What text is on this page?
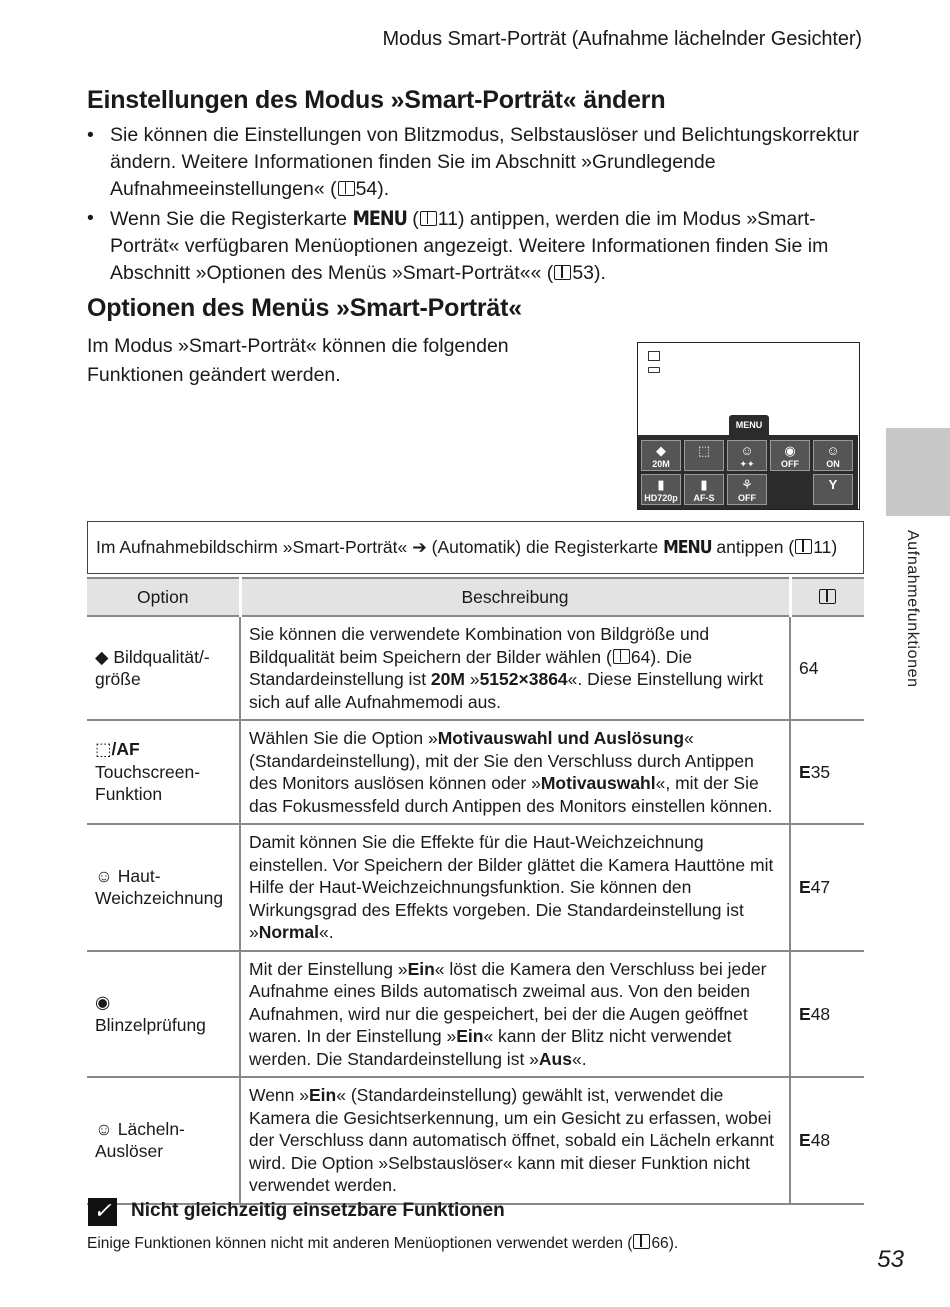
Modus Smart-Porträt (Aufnahme lächelnder Gesichter)
Einstellungen des Modus »Smart-Porträt« ändern
• Sie können die Einstellungen von Blitzmodus, Selbstauslöser und Belichtungskorrektur ändern. Weitere Informationen finden Sie im Abschnitt »Grundlegende Aufnahmeeinstellungen« ( 54).
• Wenn Sie die Registerkarte MENU ( 11) antippen, werden die im Modus »Smart-Porträt« verfügbaren Menüoptionen angezeigt. Weitere Informationen finden Sie im Abschnitt »Optionen des Menüs »Smart-Porträt«« ( 53).
Optionen des Menüs »Smart-Porträt«
Im Modus »Smart-Porträt« können die folgenden Funktionen geändert werden.
MENU
◆
20M
⬚	☺
✦✦
◉
OFF
☺
ON
▮
HD720p
▮
AF-S
⚘
OFF
Y
Aufnahmefunktionen
Im Aufnahmebildschirm »Smart-Porträt« ➔ (Automatik) die Registerkarte MENU antippen ( 11)
Option	Beschreibung	
◆ Bildqualität/-größe	Sie können die verwendete Kombination von Bildgröße und Bildqualität beim Speichern der Bilder wählen ( 64). Die Standardeinstellung ist 20M »5152×3864«. Diese Einstellung wirkt sich auf alle Aufnahmemodi aus.	64
⬚/AF
Touchscreen-Funktion	Wählen Sie die Option »Motivauswahl und Auslösung« (Standardeinstellung), mit der Sie den Verschluss durch Antippen des Monitors auslösen können oder »Motivauswahl«, mit der Sie das Fokusmessfeld durch Antippen des Monitors einstellen können.	E35
☺ Haut-Weichzeichnung	Damit können Sie die Effekte für die Haut-Weichzeichnung einstellen. Vor Speichern der Bilder glättet die Kamera Hauttöne mit Hilfe der Haut-Weichzeichnungsfunktion. Sie können den Wirkungsgrad des Effekts vorgeben. Die Standardeinstellung ist »Normal«.	E47
◉
Blinzelprüfung	Mit der Einstellung »Ein« löst die Kamera den Verschluss bei jeder Aufnahme eines Bilds automatisch zweimal aus. Von den beiden Aufnahmen, wird nur die gespeichert, bei der die Augen geöffnet waren. In der Einstellung »Ein« kann der Blitz nicht verwendet werden. Die Standardeinstellung ist »Aus«.	E48
☺ Lächeln-Auslöser	Wenn »Ein« (Standardeinstellung) gewählt ist, verwendet die Kamera die Gesichtserkennung, um ein Gesicht zu erfassen, wobei der Verschluss dann automatisch öffnet, sobald ein Lächeln erkannt wird. Die Option »Selbstauslöser« kann mit dieser Funktion nicht verwendet werden.	E48
✓ Nicht gleichzeitig einsetzbare Funktionen
Einige Funktionen können nicht mit anderen Menüoptionen verwendet werden ( 66).
53
